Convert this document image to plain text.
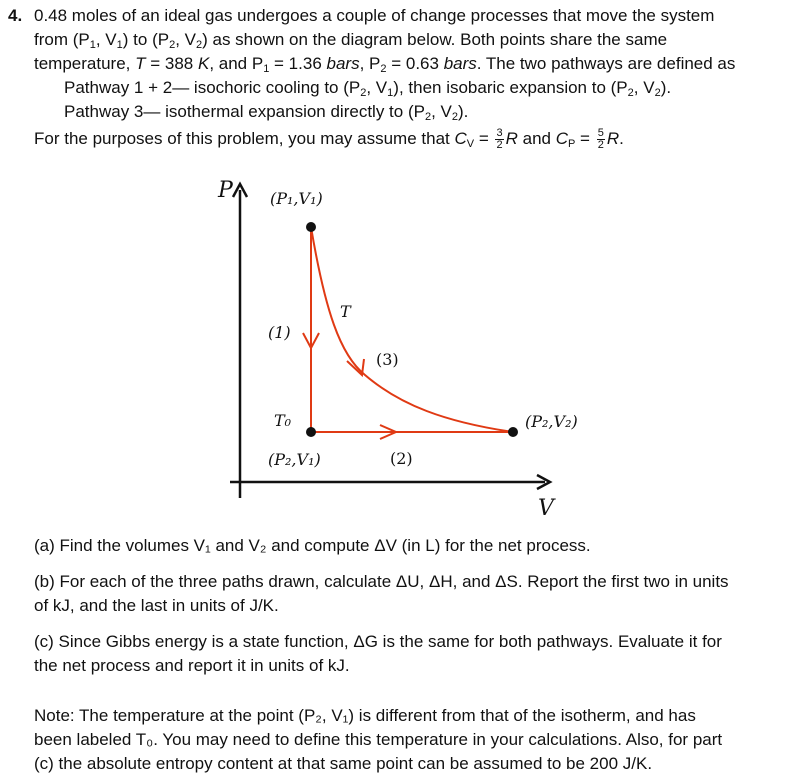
4. 0.48 moles of an ideal gas undergoes a couple of change processes that move the system
from ($P_1$, $V_1$) to ($P_2$, $V_2$) as shown on the diagram below. Both points share the same
temperature, T = 388 K, and $P_1 = 1.36$ bars, $P_2 = 0.63$ bars. The two pathways are defined as
Pathway 1 + 2— isochoric cooling to ($P_2$, $V_1$), then isobaric expansion to ($P_2$, $V_2$).
Pathway 3— isothermal expansion directly to ($P_2$, $V_2$).
For the purposes of this problem, you may assume that $C_V = \frac{3}{2}$ R and $C_P = \frac{5}{2} R$.
P
V
(P₁,V₁)
(P₂,V₁)
(P₂,V₂)
T₀
T
(1)
(2)
(3)
(a) Find the volumes V₁ and V₂ and compute ΔV (in L) for the net process.
(b) For each of the three paths drawn, calculate ΔU, ΔH, and ΔS. Report the first two in units
of kJ, and the last in units of J/K.
(c) Since Gibbs energy is a state function, ΔG is the same for both pathways. Evaluate it for
the net process and report it in units of kJ.
Note: The temperature at the point (P₂, V₁) is different from that of the isotherm, and has
been labeled T₀. You may need to define this temperature in your calculations. Also, for part
(c) the absolute entropy content at that same point can be assumed to be 200 J/K.
